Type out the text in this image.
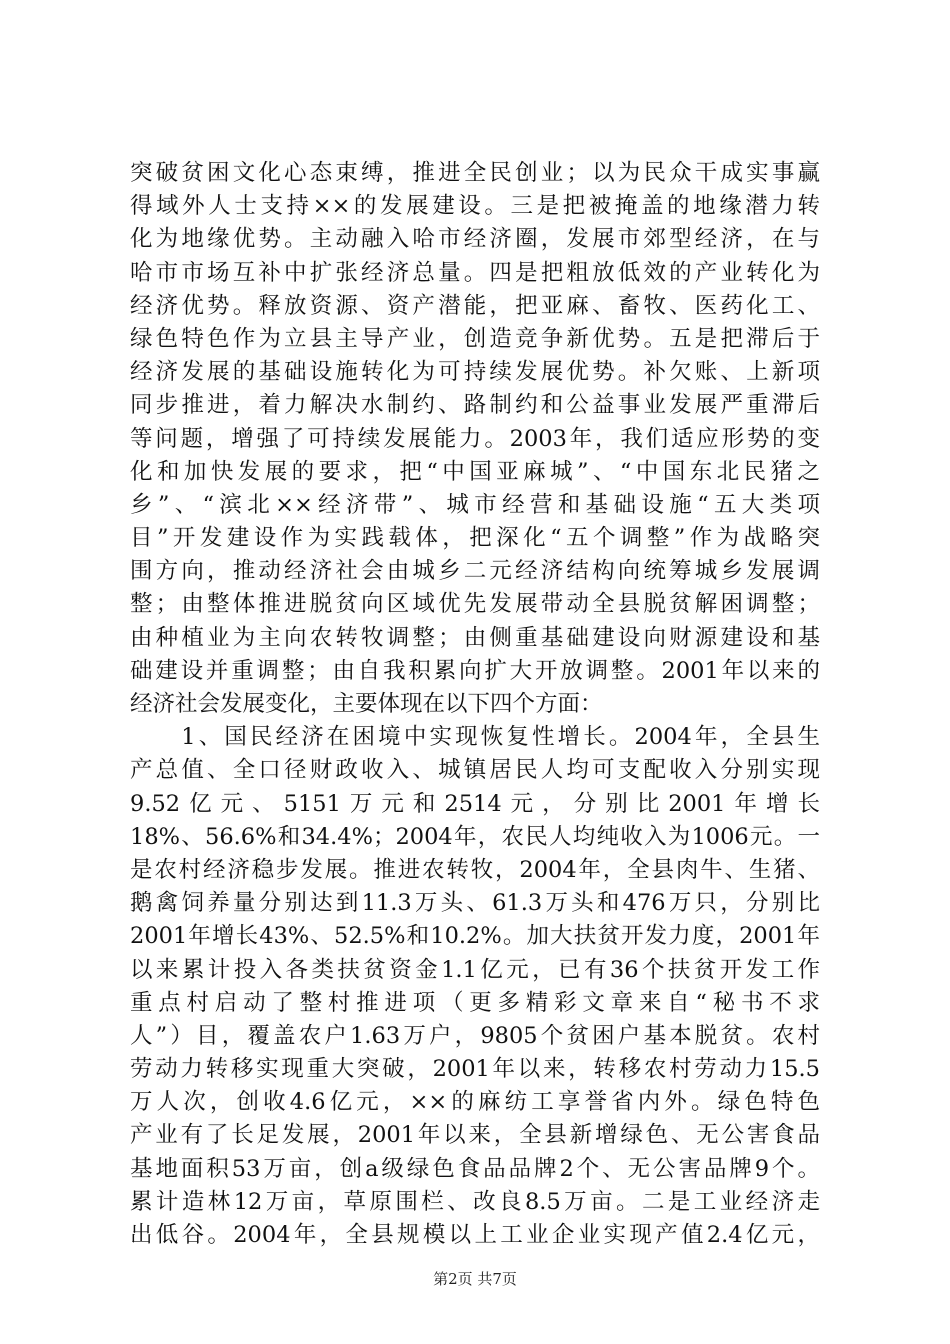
突破贫困文化心态束缚，推进全民创业；以为民众干成实事赢
得域外人士支持××的发展建设。三是把被掩盖的地缘潜力转
化为地缘优势。主动融入哈市经济圈，发展市郊型经济，在与
哈市市场互补中扩张经济总量。四是把粗放低效的产业转化为
经济优势。释放资源、资产潜能，把亚麻、畜牧、医药化工、
绿色特色作为立县主导产业，创造竞争新优势。五是把滞后于
经济发展的基础设施转化为可持续发展优势。补欠账、上新项
同步推进，着力解决水制约、路制约和公益事业发展严重滞后
等问题，增强了可持续发展能力。2003年，我们适应形势的变
化和加快发展的要求，把“中国亚麻城”、“中国东北民猪之
乡”、“滨北××经济带”、城市经营和基础设施“五大类项
目”开发建设作为实践载体，把深化“五个调整”作为战略突
围方向，推动经济社会由城乡二元经济结构向统筹城乡发展调
整；由整体推进脱贫向区域优先发展带动全县脱贫解困调整；
由种植业为主向农转牧调整；由侧重基础建设向财源建设和基
础建设并重调整；由自我积累向扩大开放调整。2001年以来的
经济社会发展变化，主要体现在以下四个方面：
　　1、国民经济在困境中实现恢复性增长。2004年，全县生
产总值、全口径财政收入、城镇居民人均可支配收入分别实现
9.52亿元、5151万元和2514元，分别比2001年增长
18%、56.6%和34.4%；2004年，农民人均纯收入为1006元。一
是农村经济稳步发展。推进农转牧，2004年，全县肉牛、生猪、
鹅禽饲养量分别达到11.3万头、61.3万头和476万只，分别比
2001年增长43%、52.5%和10.2%。加大扶贫开发力度，2001年
以来累计投入各类扶贫资金1.1亿元，已有36个扶贫开发工作
重点村启动了整村推进项（更多精彩文章来自“秘书不求
人”）目，覆盖农户1.63万户，9805个贫困户基本脱贫。农村
劳动力转移实现重大突破，2001年以来，转移农村劳动力15.5
万人次，创收4.6亿元，××的麻纺工享誉省内外。绿色特色
产业有了长足发展，2001年以来，全县新增绿色、无公害食品
基地面积53万亩，创a级绿色食品品牌2个、无公害品牌9个。
累计造林12万亩，草原围栏、改良8.5万亩。二是工业经济走
出低谷。2004年，全县规模以上工业企业实现产值2.4亿元，
第2页 共7页
